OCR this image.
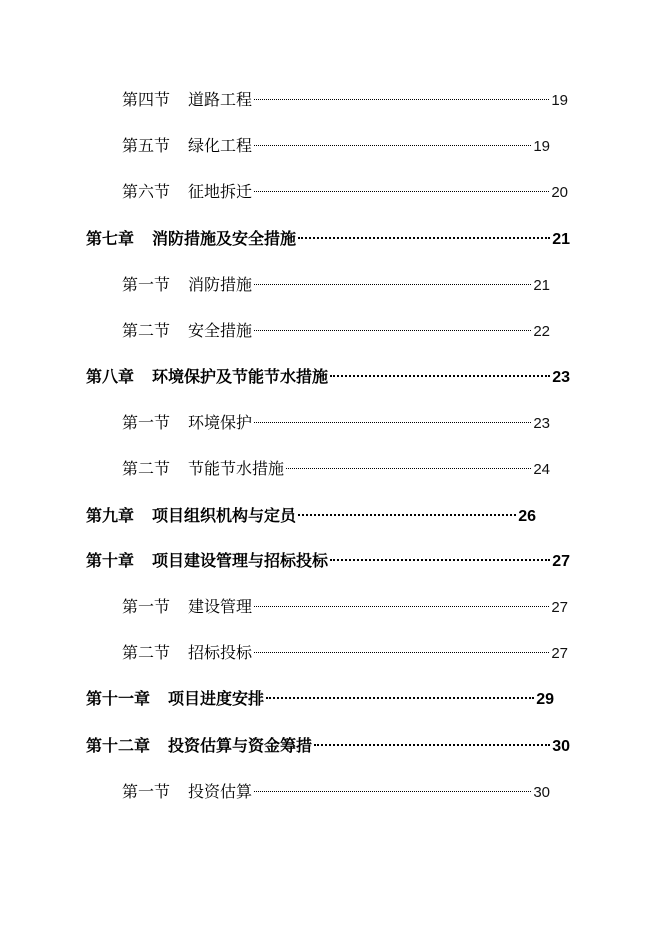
第四节 道路工程	19
第五节 绿化工程	19
第六节 征地拆迁	20
第七章 消防措施及安全措施	21
第一节 消防措施	21
第二节 安全措施	22
第八章 环境保护及节能节水措施	23
第一节 环境保护	23
第二节 节能节水措施	24
第九章 项目组织机构与定员	26
第十章 项目建设管理与招标投标	27
第一节 建设管理	27
第二节 招标投标	27
第十一章 项目进度安排	29
第十二章 投资估算与资金筹措	30
第一节 投资估算	30
